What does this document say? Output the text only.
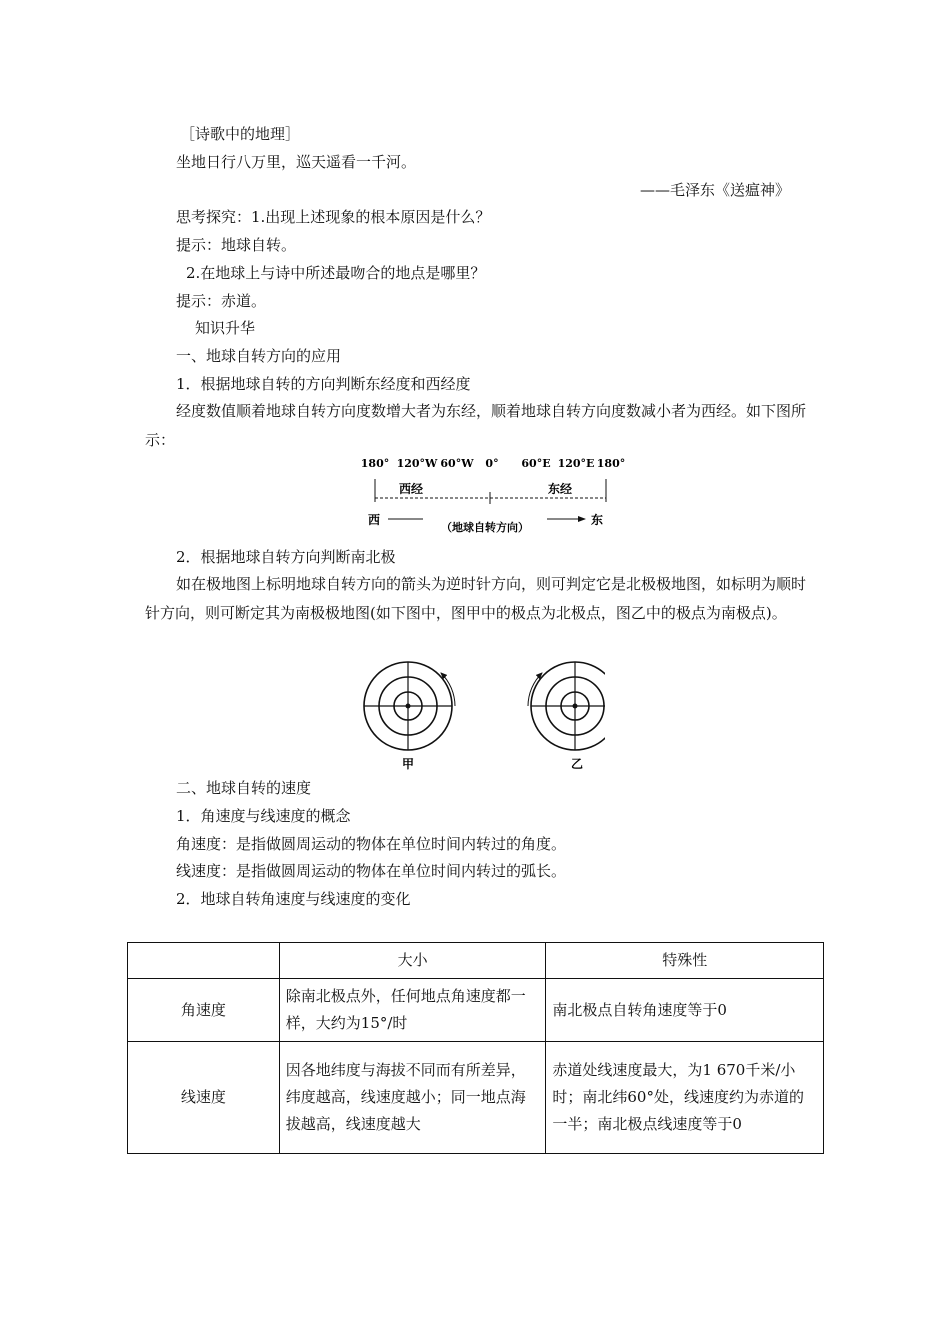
［诗歌中的地理］
坐地日行八万里，巡天遥看一千河。
——毛泽东《送瘟神》
思考探究：1.出现上述现象的根本原因是什么？
提示：地球自转。
2.在地球上与诗中所述最吻合的地点是哪里？
提示：赤道。
知识升华
一、地球自转方向的应用
1．根据地球自转的方向判断东经度和西经度
经度数值顺着地球自转方向度数增大者为东经，顺着地球自转方向度数减小者为西经。如下图所示：
180° 120°W 60°W 0° 60°E 120°E 180°
西经	东经
西	东
（地球自转方向）
2．根据地球自转方向判断南北极
如在极地图上标明地球自转方向的箭头为逆时针方向，则可判定它是北极极地图，如标明为顺时针方向，则可断定其为南极极地图(如下图中，图甲中的极点为北极点，图乙中的极点为南极点)。
甲	乙
二、地球自转的速度
1．角速度与线速度的概念
角速度：是指做圆周运动的物体在单位时间内转过的角度。
线速度：是指做圆周运动的物体在单位时间内转过的弧长。
2．地球自转角速度与线速度的变化
	大小	特殊性
角速度	除南北极点外，任何地点角速度都一样，大约为15°/时	南北极点自转角速度等于0
线速度	因各地纬度与海拔不同而有所差异，纬度越高，线速度越小；同一地点海拔越高，线速度越大	赤道处线速度最大，为1 670千米/小时；南北纬60°处，线速度约为赤道的一半；南北极点线速度等于0
